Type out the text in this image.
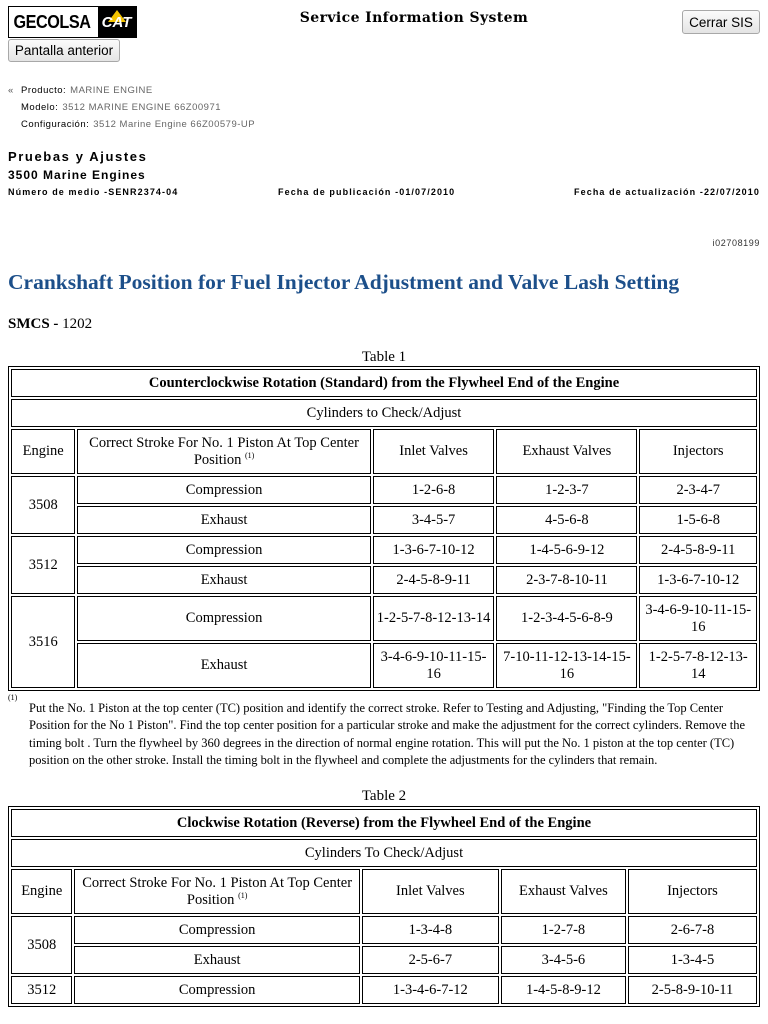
GECOLSA CAT	Service Information System	Cerrar SIS
Pantalla anterior
« Producto: MARINE ENGINE
Modelo: 3512 MARINE ENGINE 66Z00971
Configuración: 3512 Marine Engine 66Z00579-UP
Pruebas y Ajustes
3500 Marine Engines
Número de medio -SENR2374-04	Fecha de publicación -01/07/2010	Fecha de actualización -22/07/2010
i02708199
Crankshaft Position for Fuel Injector Adjustment and Valve Lash Setting
SMCS - 1202
Table 1
Counterclockwise Rotation (Standard) from the Flywheel End of the Engine				
Cylinders to Check/Adjust				
Engine	Correct Stroke For No. 1 Piston At Top Center Position $^{(1)}$	Inlet Valves	Exhaust Valves	Injectors
3508	Compression	1-2-6-8	1-2-3-7	2-3-4-7
	Exhaust	3-4-5-7	4-5-6-8	1-5-6-8
3512	Compression	1-3-6-7-10-12	1-4-5-6-9-12	2-4-5-8-9-11
	Exhaust	2-4-5-8-9-11	2-3-7-8-10-11	1-3-6-7-10-12
3516	Compression	1-2-5-7-8-12-13-14	1-2-3-4-5-6-8-9	3-4-6-9-10-11-15-16
	Exhaust	3-4-6-9-10-11-15-16	7-10-11-12-13-14-15-16	1-2-5-7-8-12-13-14
(1)
Put the No. 1 Piston at the top center (TC) position and identify the correct stroke. Refer to Testing and Adjusting, "Finding the Top Center Position for the No 1 Piston". Find the top center position for a particular stroke and make the adjustment for the correct cylinders. Remove the timing bolt . Turn the flywheel by 360 degrees in the direction of normal engine rotation. This will put the No. 1 piston at the top center (TC) position on the other stroke. Install the timing bolt in the flywheel and complete the adjustments for the cylinders that remain.
Table 2
Clockwise Rotation (Reverse) from the Flywheel End of the Engine				
Cylinders To Check/Adjust				
Engine	Correct Stroke For No. 1 Piston At Top Center Position $^{(1)}$	Inlet Valves	Exhaust Valves	Injectors
3508	Compression	1-3-4-8	1-2-7-8	2-6-7-8
	Exhaust	2-5-6-7	3-4-5-6	1-3-4-5
3512	Compression	1-3-4-6-7-12	1-4-5-8-9-12	2-5-8-9-10-11
